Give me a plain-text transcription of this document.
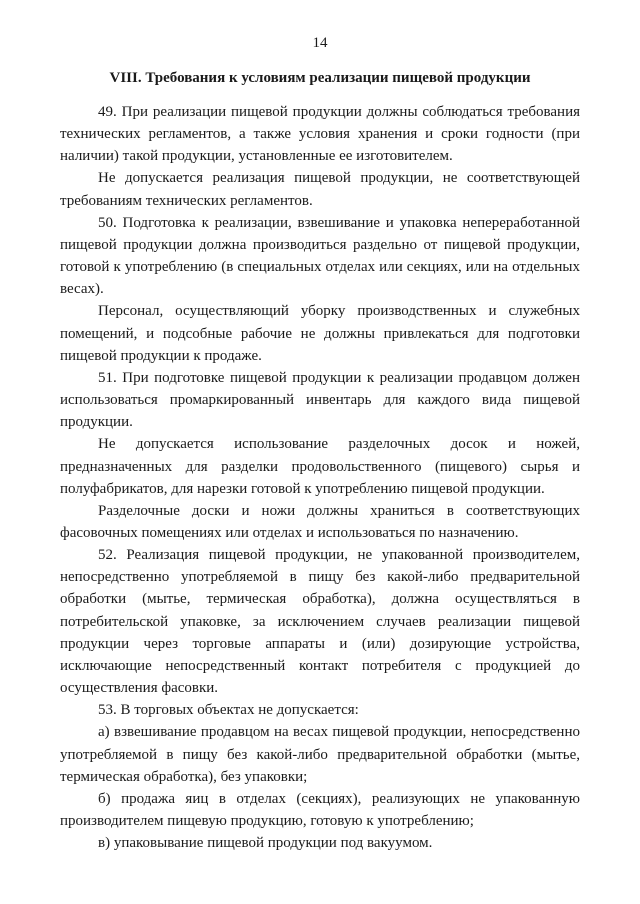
14
VIII. Требования к условиям реализации пищевой продукции

49. При реализации пищевой продукции должны соблюдаться требования технических регламентов, а также условия хранения и сроки годности (при наличии) такой продукции, установленные ее изготовителем.

Не допускается реализация пищевой продукции, не соответствующей требованиям технических регламентов.

50. Подготовка к реализации, взвешивание и упаковка непереработанной пищевой продукции должна производиться раздельно от пищевой продукции, готовой к употреблению (в специальных отделах или секциях, или на отдельных весах).

Персонал, осуществляющий уборку производственных и служебных помещений, и подсобные рабочие не должны привлекаться для подготовки пищевой продукции к продаже.

51. При подготовке пищевой продукции к реализации продавцом должен использоваться промаркированный инвентарь для каждого вида пищевой продукции.

Не допускается использование разделочных досок и ножей, предназначенных для разделки продовольственного (пищевого) сырья и полуфабрикатов, для нарезки готовой к употреблению пищевой продукции.

Разделочные доски и ножи должны храниться в соответствующих фасовочных помещениях или отделах и использоваться по назначению.

52. Реализация пищевой продукции, не упакованной производителем, непосредственно употребляемой в пищу без какой-либо предварительной обработки (мытье, термическая обработка), должна осуществляться в потребительской упаковке, за исключением случаев реализации пищевой продукции через торговые аппараты и (или) дозирующие устройства, исключающие непосредственный контакт потребителя с продукцией до осуществления фасовки.

53. В торговых объектах не допускается:

а) взвешивание продавцом на весах пищевой продукции, непосредственно употребляемой в пищу без какой-либо предварительной обработки (мытье, термическая обработка), без упаковки;

б) продажа яиц в отделах (секциях), реализующих не упакованную производителем пищевую продукцию, готовую к употреблению;

в) упаковывание пищевой продукции под вакуумом.
